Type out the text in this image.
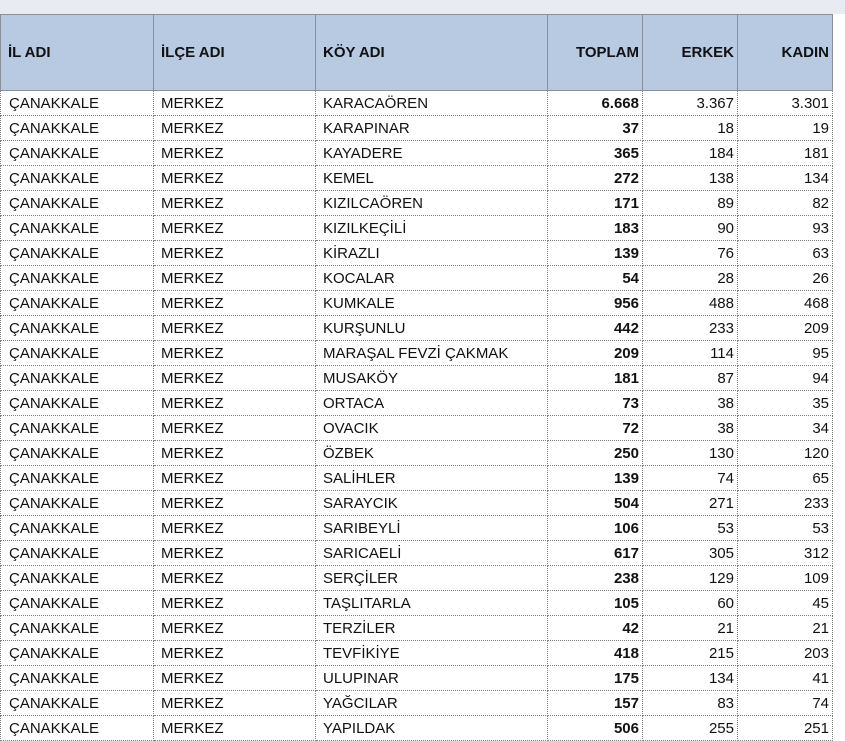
İL ADI	İLÇE ADI	KÖY ADI	TOPLAM	ERKEK	KADIN
ÇANAKKALE	MERKEZ	KARACAÖREN	6.668	3.367	3.301
ÇANAKKALE	MERKEZ	KARAPINAR	37	18	19
ÇANAKKALE	MERKEZ	KAYADERE	365	184	181
ÇANAKKALE	MERKEZ	KEMEL	272	138	134
ÇANAKKALE	MERKEZ	KIZILCAÖREN	171	89	82
ÇANAKKALE	MERKEZ	KIZILKEÇİLİ	183	90	93
ÇANAKKALE	MERKEZ	KİRAZLI	139	76	63
ÇANAKKALE	MERKEZ	KOCALAR	54	28	26
ÇANAKKALE	MERKEZ	KUMKALE	956	488	468
ÇANAKKALE	MERKEZ	KURŞUNLU	442	233	209
ÇANAKKALE	MERKEZ	MARAŞAL FEVZİ ÇAKMAK	209	114	95
ÇANAKKALE	MERKEZ	MUSAKÖY	181	87	94
ÇANAKKALE	MERKEZ	ORTACA	73	38	35
ÇANAKKALE	MERKEZ	OVACIK	72	38	34
ÇANAKKALE	MERKEZ	ÖZBEK	250	130	120
ÇANAKKALE	MERKEZ	SALİHLER	139	74	65
ÇANAKKALE	MERKEZ	SARAYCIK	504	271	233
ÇANAKKALE	MERKEZ	SARIBEYLİ	106	53	53
ÇANAKKALE	MERKEZ	SARICAELİ	617	305	312
ÇANAKKALE	MERKEZ	SERÇİLER	238	129	109
ÇANAKKALE	MERKEZ	TAŞLITARLA	105	60	45
ÇANAKKALE	MERKEZ	TERZİLER	42	21	21
ÇANAKKALE	MERKEZ	TEVFİKİYE	418	215	203
ÇANAKKALE	MERKEZ	ULUPINAR	175	134	41
ÇANAKKALE	MERKEZ	YAĞCILAR	157	83	74
ÇANAKKALE	MERKEZ	YAPILDAK	506	255	251
